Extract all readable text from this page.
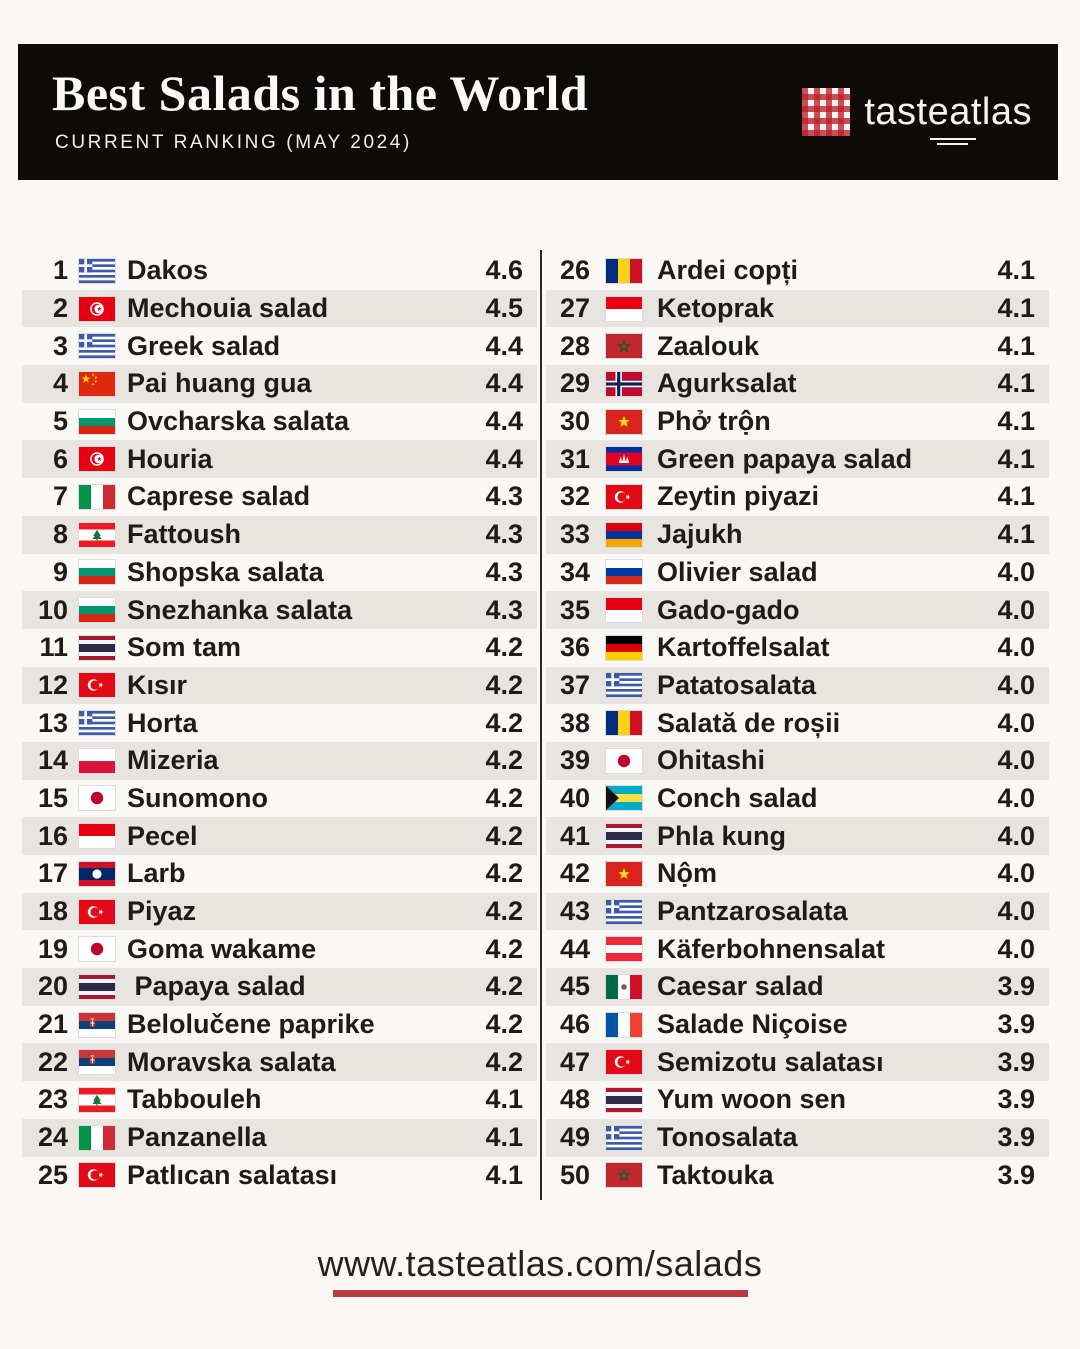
Best Salads in the World
CURRENT RANKING (MAY 2024)
tasteatlas
1 Dakos	4.6
2 Mechouia salad	4.5
3 Greek salad	4.4
4 Pai huang gua	4.4
5 Ovcharska salata	4.4
6 Houria	4.4
7 Caprese salad	4.3
8 Fattoush	4.3
9 Shopska salata	4.3
10 Snezhanka salata	4.3
11 Som tam	4.2
12 Kısır	4.2
13 Horta	4.2
14 Mizeria	4.2
15 Sunomono	4.2
16 Pecel	4.2
17 Larb	4.2
18 Piyaz	4.2
19 Goma wakame	4.2
20 Papaya salad	4.2
21 Belolučene paprike	4.2
22 Moravska salata	4.2
23 Tabbouleh	4.1
24 Panzanella	4.1
25 Patlıcan salatası	4.1
26 Ardei copți	4.1
27 Ketoprak	4.1
28 Zaalouk	4.1
29 Agurksalat	4.1
30 Phở trộn	4.1
31 Green papaya salad	4.1
32 Zeytin piyazi	4.1
33 Jajukh	4.1
34 Olivier salad	4.0
35 Gado-gado	4.0
36 Kartoffelsalat	4.0
37 Patatosalata	4.0
38 Salată de roșii	4.0
39 Ohitashi	4.0
40 Conch salad	4.0
41 Phla kung	4.0
42 Nộm	4.0
43 Pantzarosalata	4.0
44 Käferbohnensalat	4.0
45 Caesar salad	3.9
46 Salade Niçoise	3.9
47 Semizotu salatası	3.9
48 Yum woon sen	3.9
49 Tonosalata	3.9
50 Taktouka	3.9
www.tasteatlas.com/salads
